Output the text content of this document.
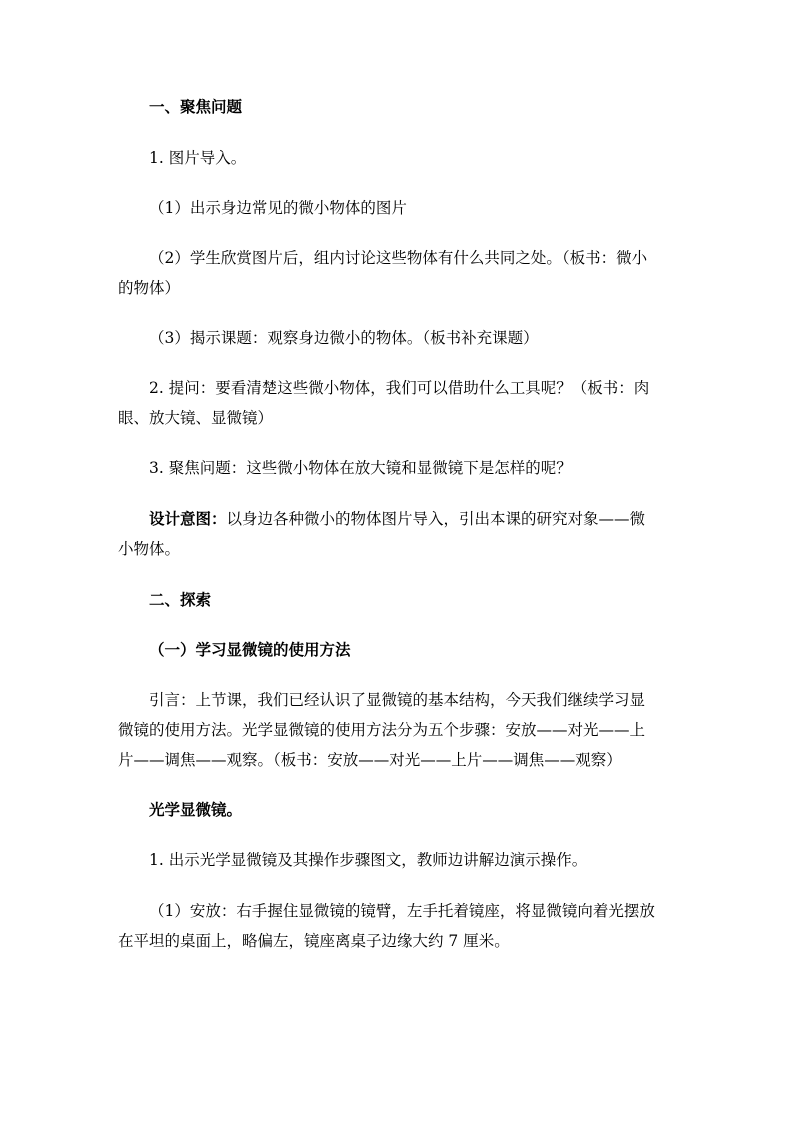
一、聚焦问题
1. 图片导入。
（1）出示身边常见的微小物体的图片
（2）学生欣赏图片后，组内讨论这些物体有什么共同之处。（板书：微小
的物体）
（3）揭示课题：观察身边微小的物体。（板书补充课题）
2. 提问：要看清楚这些微小物体，我们可以借助什么工具呢？（板书：肉
眼、放大镜、显微镜）
3. 聚焦问题：这些微小物体在放大镜和显微镜下是怎样的呢？
设计意图：以身边各种微小的物体图片导入，引出本课的研究对象——微
小物体。
二、探索
（一）学习显微镜的使用方法
引言：上节课，我们已经认识了显微镜的基本结构，今天我们继续学习显
微镜的使用方法。光学显微镜的使用方法分为五个步骤：安放——对光——上
片——调焦——观察。（板书：安放——对光——上片——调焦——观察）
光学显微镜。
1. 出示光学显微镜及其操作步骤图文，教师边讲解边演示操作。
（1）安放：右手握住显微镜的镜臂，左手托着镜座，将显微镜向着光摆放
在平坦的桌面上，略偏左，镜座离桌子边缘大约 7 厘米。
